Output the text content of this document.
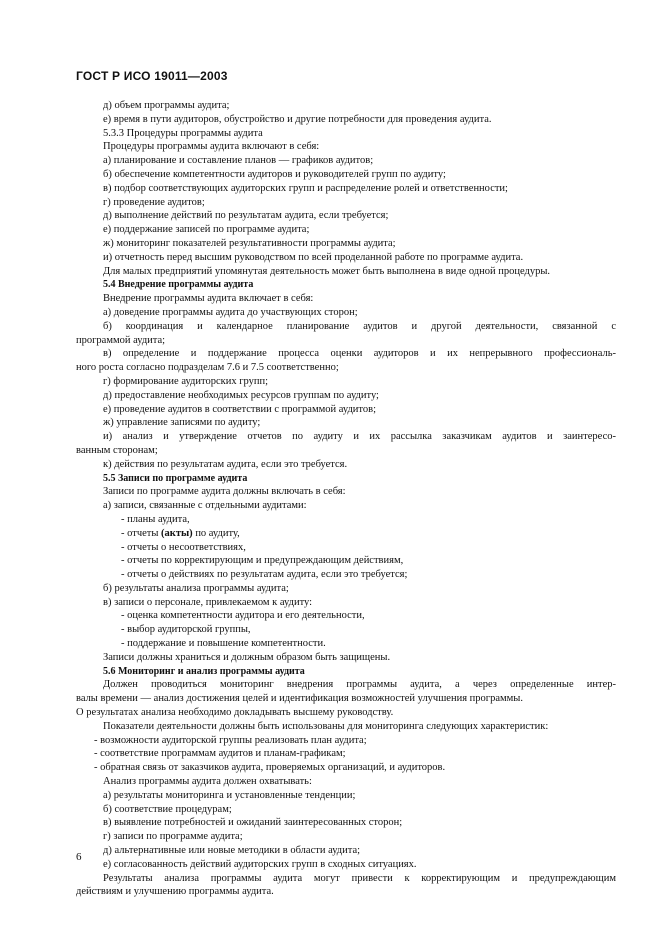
ГОСТ Р ИСО 19011—2003

д) объем программы аудита;

е) время в пути аудиторов, обустройство и другие потребности для проведения аудита.

5.3.3 Процедуры программы аудита

Процедуры программы аудита включают в себя:

а) планирование и составление планов — графиков аудитов;

б) обеспечение компетентности аудиторов и руководителей групп по аудиту;

в) подбор соответствующих аудиторских групп и распределение ролей и ответственности;

г) проведение аудитов;

д) выполнение действий по результатам аудита, если требуется;

е) поддержание записей по программе аудита;

ж) мониторинг показателей результативности программы аудита;

и) отчетность перед высшим руководством по всей проделанной работе по программе аудита.

Для малых предприятий упомянутая деятельность может быть выполнена в виде одной процедуры.

5.4 Внедрение программы аудита

Внедрение программы аудита включает в себя:

а) доведение программы аудита до участвующих сторон;

б) координация и календарное планирование аудитов и другой деятельности, связанной с

программой аудита;

в) определение и поддержание процесса оценки аудиторов и их непрерывного профессиональ-

ного роста согласно подразделам 7.6 и 7.5 соответственно;

г) формирование аудиторских групп;

д) предоставление необходимых ресурсов группам по аудиту;

е) проведение аудитов в соответствии с программой аудитов;

ж) управление записями по аудиту;

и) анализ и утверждение отчетов по аудиту и их рассылка заказчикам аудитов и заинтересо-

ванным сторонам;

к) действия по результатам аудита, если это требуется.

5.5 Записи по программе аудита

Записи по программе аудита должны включать в себя:

а) записи, связанные с отдельными аудитами:

- планы аудита,

- отчеты (акты) по аудиту,

- отчеты о несоответствиях,

- отчеты по корректирующим и предупреждающим действиям,

- отчеты о действиях по результатам аудита, если это требуется;

б) результаты анализа программы аудита;

в) записи о персонале, привлекаемом к аудиту:

- оценка компетентности аудитора и его деятельности,

- выбор аудиторской группы,

- поддержание и повышение компетентности.

Записи должны храниться и должным образом быть защищены.

5.6 Мониторинг и анализ программы аудита

Должен проводиться мониторинг внедрения программы аудита, а через определенные интер-

валы времени — анализ достижения целей и идентификация возможностей улучшения программы.

О результатах анализа необходимо докладывать высшему руководству.

Показатели деятельности должны быть использованы для мониторинга следующих характеристик:

- возможности аудиторской группы реализовать план аудита;

- соответствие программам аудитов и планам-графикам;

- обратная связь от заказчиков аудита, проверяемых организаций, и аудиторов.

Анализ программы аудита должен охватывать:

а) результаты мониторинга и установленные тенденции;

б) соответствие процедурам;

в) выявление потребностей и ожиданий заинтересованных сторон;

г) записи по программе аудита;

д) альтернативные или новые методики в области аудита;

е) согласованность действий аудиторских групп в сходных ситуациях.

Результаты анализа программы аудита могут привести к корректирующим и предупреждающим

действиям и улучшению программы аудита.

6
